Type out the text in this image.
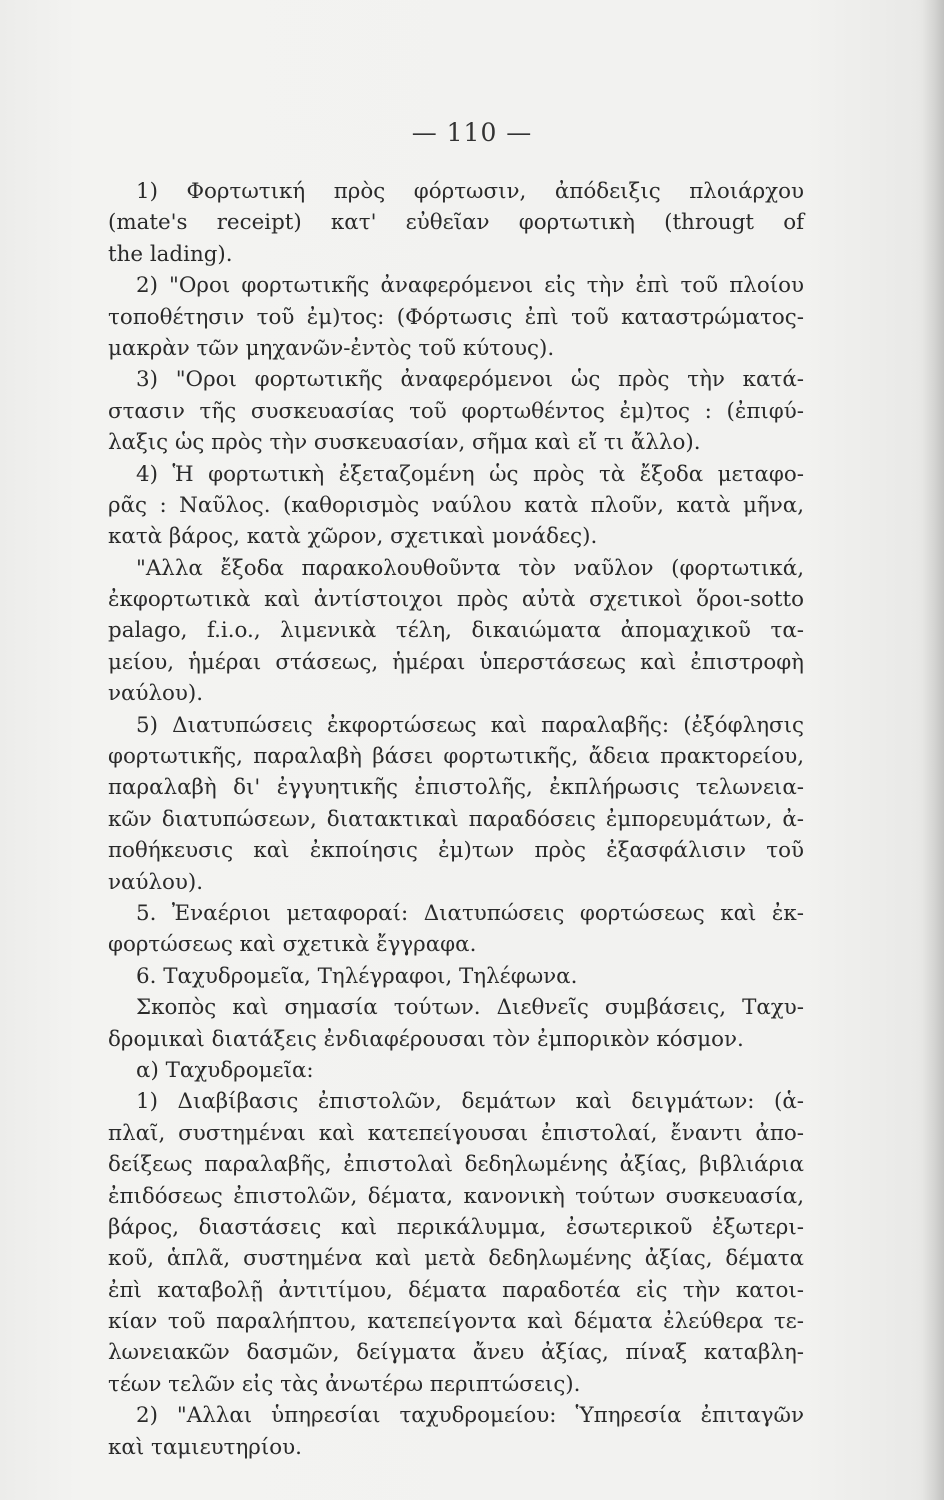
— 110 —
1) Φορτωτική πρὸς φόρτωσιν, ἀπόδειξις πλοιάρχου
(mate's receipt) κατ' εὐθεῖαν φορτωτικὴ (througt of
the lading).
2) "Οροι φορτωτικῆς ἀναφερόμενοι εἰς τὴν ἐπὶ τοῦ πλοίου
τοποθέτησιν τοῦ ἐμ)τος: (Φόρτωσις ἐπὶ τοῦ καταστρώματος-
μακρὰν τῶν μηχανῶν-ἐντὸς τοῦ κύτους).
3) "Οροι φορτωτικῆς ἀναφερόμενοι ὡς πρὸς τὴν κατά-
στασιν τῆς συσκευασίας τοῦ φορτωθέντος ἐμ)τος : (ἐπιφύ-
λαξις ὡς πρὸς τὴν συσκευασίαν, σῆμα καὶ εἴ τι ἄλλο).
4) Ἡ φορτωτικὴ ἐξεταζομένη ὡς πρὸς τὰ ἔξοδα μεταφο-
ρᾶς : Ναῦλος. (καθορισμὸς ναύλου κατὰ πλοῦν, κατὰ μῆνα,
κατὰ βάρος, κατὰ χῶρον, σχετικαὶ μονάδες).
"Αλλα ἔξοδα παρακολουθοῦντα τὸν ναῦλον (φορτωτικά,
ἐκφορτωτικὰ καὶ ἀντίστοιχοι πρὸς αὐτὰ σχετικοὶ ὅροι-sotto
palago, f.i.o., λιμενικὰ τέλη, δικαιώματα ἀπομαχικοῦ τα-
μείου, ἡμέραι στάσεως, ἡμέραι ὑπερστάσεως καὶ ἐπιστροφὴ
ναύλου).
5) Διατυπώσεις ἐκφορτώσεως καὶ παραλαβῆς: (ἐξόφλησις
φορτωτικῆς, παραλαβὴ βάσει φορτωτικῆς, ἄδεια πρακτορείου,
παραλαβὴ δι' ἐγγυητικῆς ἐπιστολῆς, ἐκπλήρωσις τελωνεια-
κῶν διατυπώσεων, διατακτικαὶ παραδόσεις ἐμπορευμάτων, ἀ-
ποθήκευσις καὶ ἐκποίησις ἐμ)των πρὸς ἐξασφάλισιν τοῦ
ναύλου).
5. Ἐναέριοι μεταφοραί: Διατυπώσεις φορτώσεως καὶ ἐκ-
φορτώσεως καὶ σχετικὰ ἔγγραφα.
6. Ταχυδρομεῖα, Τηλέγραφοι, Τηλέφωνα.
Σκοπὸς καὶ σημασία τούτων. Διεθνεῖς συμβάσεις, Ταχυ-
δρομικαὶ διατάξεις ἐνδιαφέρουσαι τὸν ἐμπορικὸν κόσμον.
α) Ταχυδρομεῖα:
1) Διαβίβασις ἐπιστολῶν, δεμάτων καὶ δειγμάτων: (ἁ-
πλαῖ, συστημέναι καὶ κατεπείγουσαι ἐπιστολαί, ἔναντι ἀπο-
δείξεως παραλαβῆς, ἐπιστολαὶ δεδηλωμένης ἀξίας, βιβλιάρια
ἐπιδόσεως ἐπιστολῶν, δέματα, κανονικὴ τούτων συσκευασία,
βάρος, διαστάσεις καὶ περικάλυμμα, ἐσωτερικοῦ ἐξωτερι-
κοῦ, ἁπλᾶ, συστημένα καὶ μετὰ δεδηλωμένης ἀξίας, δέματα
ἐπὶ καταβολῇ ἀντιτίμου, δέματα παραδοτέα εἰς τὴν κατοι-
κίαν τοῦ παραλήπτου, κατεπείγοντα καὶ δέματα ἐλεύθερα τε-
λωνειακῶν δασμῶν, δείγματα ἄνευ ἀξίας, πίναξ καταβλη-
τέων τελῶν εἰς τὰς ἀνωτέρω περιπτώσεις).
2) "Αλλαι ὑπηρεσίαι ταχυδρομείου: Ὑπηρεσία ἐπιταγῶν
καὶ ταμιευτηρίου.
